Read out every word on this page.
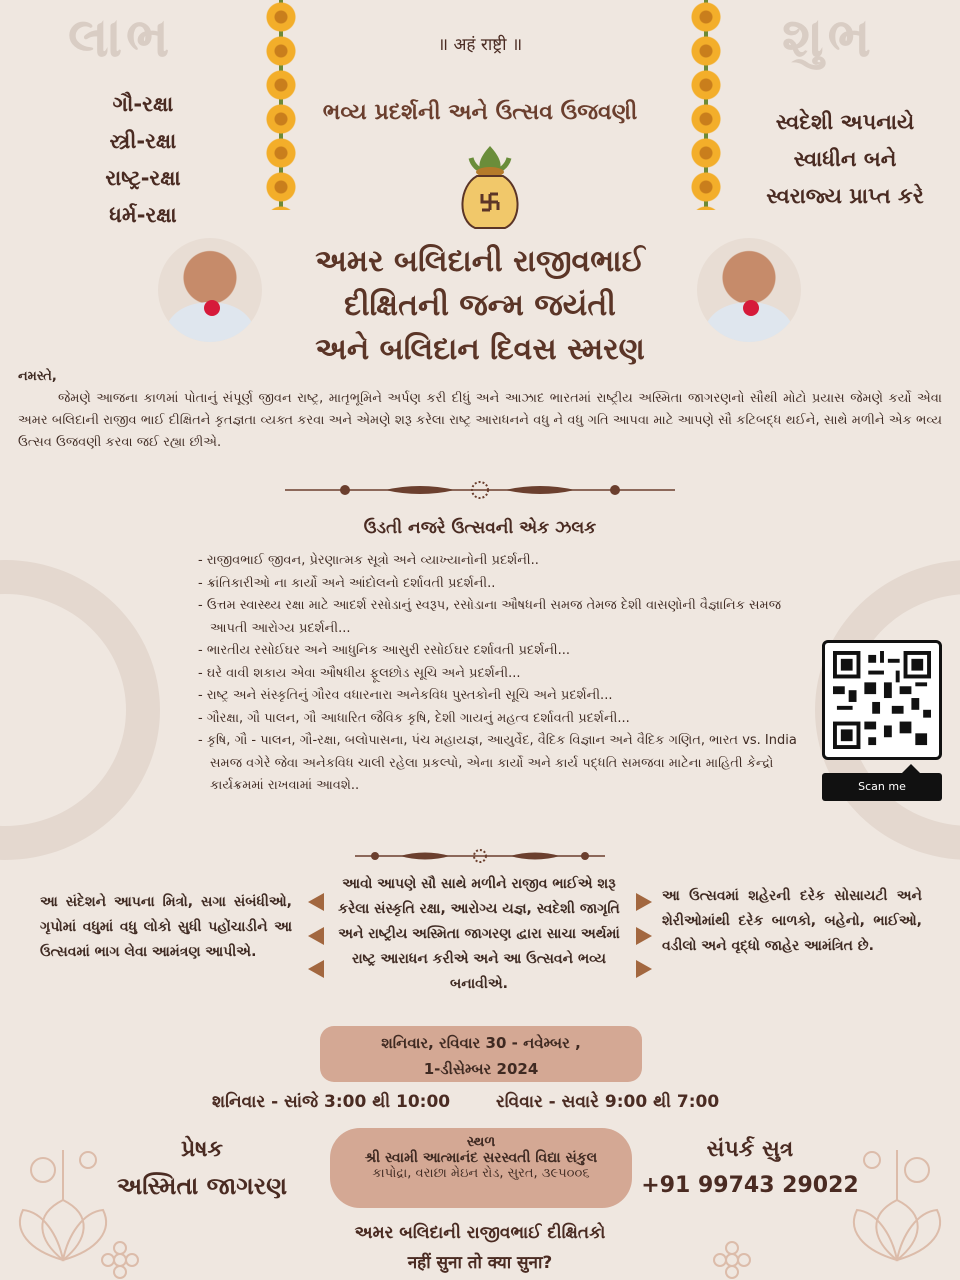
લાભ	શુભ
॥ अहं राष्ट्री ॥
ભવ્ય પ્રદર્શની અને ઉત્સવ ઉજવણી
ગૌ-રક્ષા
સ્ત્રી-રક્ષા
રાષ્ટ્ર-રક્ષા
ધર્મ-રક્ષા
સ્વદેશી અપનાયે
સ્વાધીન બને
સ્વરાજ્ય પ્રાપ્ત કરે
અમર બલિદાની રાજીવભાઈ
દીક્ષિતની જન્મ જયંતી
અને બલિદાન દિવસ સ્મરણ
નમસ્તે,
જેમણે આજના કાળમાં પોતાનું સંપૂર્ણ જીવન રાષ્ટ્ર, માતૃભૂમિને અર્પણ કરી દીધું અને આઝાદ ભારતમાં રાષ્ટ્રીય અસ્મિતા જાગરણનો સૌથી મોટો પ્રયાસ જેમણે કર્યો એવા અમર બલિદાની રાજીવ ભાઈ દીક્ષિતને કૃતજ્ઞતા વ્યક્ત કરવા અને એમણે શરૂ કરેલા રાષ્ટ્ર આરાધનને વધુ ને વધુ ગતિ આપવા માટે આપણે સૌ કટિબદ્ધ થઈને, સાથે મળીને એક ભવ્ય ઉત્સવ ઉજવણી કરવા જઈ રહ્યા છીએ.
ઉડતી નજરે ઉત્સવની એક ઝલક
- રાજીવભાઈ જીવન, પ્રેરણાત્મક સૂત્રો અને વ્યાખ્યાનોની પ્રદર્શની..
- ક્રાંતિકારીઓ ના કાર્યો અને આંદોલનો દર્શાવતી પ્રદર્શની..
- ઉત્તમ સ્વાસ્થ્ય રક્ષા માટે આદર્શ રસોડાનું સ્વરૂપ, રસોડાના ઔષધની સમજ તેમજ દેશી વાસણોની વૈજ્ઞાનિક સમજ આપતી આરોગ્ય પ્રદર્શની...
- ભારતીય રસોઈઘર અને આધુનિક આસુરી રસોઈઘર દર્શાવતી પ્રદર્શની...
- ઘરે વાવી શકાય એવા ઔષધીય ફૂલછોડ સૂચિ અને પ્રદર્શની...
- રાષ્ટ્ર અને સંસ્કૃતિનું ગૌરવ વધારનારા અનેકવિધ પુસ્તકોની સૂચિ અને પ્રદર્શની...
- ગૌરક્ષા, ગૌ પાલન, ગૌ આધારિત જૈવિક કૃષિ, દેશી ગાયનું મહત્વ દર્શાવતી પ્રદર્શની...
- કૃષિ, ગૌ - પાલન, ગૌ-રક્ષા, બલોપાસના, પંચ મહાયજ્ઞ, આયુર્વેદ, વૈદિક વિજ્ઞાન અને વૈદિક ગણિત, ભારત vs. India સમજ વગેરે જેવા અનેકવિધ ચાલી રહેલા પ્રકલ્પો, એના કાર્યો અને કાર્ય પદ્ધતિ સમજવા માટેના માહિતી કેન્દ્રો કાર્યક્રમમાં રાખવામાં આવશે..	Scan me
આ સંદેશને આપના મિત્રો, સગા સંબંધીઓ, ગૃપોમાં વધુમાં વધુ લોકો સુધી પહોંચાડીને આ ઉત્સવમાં ભાગ લેવા આમંત્રણ આપીએ.
આવો આપણે સૌ સાથે મળીને રાજીવ ભાઈએ શરૂ કરેલા સંસ્કૃતિ રક્ષા, આરોગ્ય યજ્ઞ, સ્વદેશી જાગૃતિ અને રાષ્ટ્રીય અસ્મિતા જાગરણ દ્વારા સાચા અર્થમાં રાષ્ટ્ર આરાધન કરીએ અને આ ઉત્સવને ભવ્ય બનાવીએ.
આ ઉત્સવમાં શહેરની દરેક સોસાયટી અને શેરીઓમાંથી દરેક બાળકો, બહેનો, ભાઈઓ, વડીલો અને વૃદ્ધો જાહેર આમંત્રિત છે.
શનિવાર, રવિવાર 30 - નવેમ્બર ,
1-ડીસેમ્બર 2024
શનિવાર - સાંજે 3:00 થી 10:00	રવિવાર - સવારે 9:00 થી 7:00
પ્રેષક
અસ્મિતા જાગરણ
સ્થળ
શ્રી સ્વામી આત્માનંદ સરસ્વતી વિદ્યા સંકુલ
કાપોદ્રા, વરાછા મેઇન રોડ, સુરત, ૩૯૫૦૦૬
સંપર્ક સુત્ર
+91 99743 29022
અમર બલિદાની રાજીવભાઈ દીક્ષિતકો
नहीं सुना तो क्या सुना?
